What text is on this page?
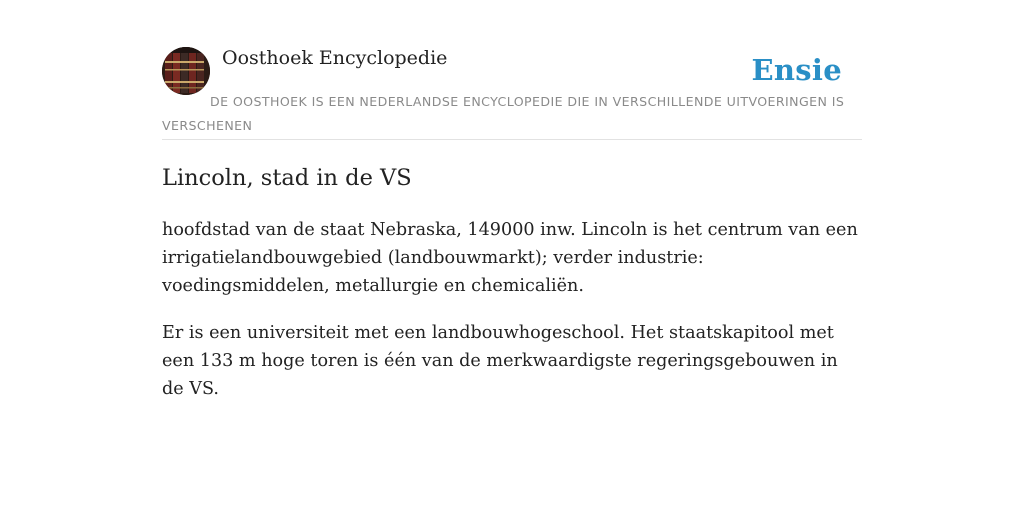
Oosthoek Encyclopedie	Ensie
DE OOSTHOEK IS EEN NEDERLANDSE ENCYCLOPEDIE DIE IN VERSCHILLENDE UITVOERINGEN IS VERSCHENEN
Lincoln, stad in de VS

hoofdstad van de staat Nebraska, 149000 inw. Lincoln is het centrum van een irrigatielandbouwgebied (landbouwmarkt); verder industrie: voedingsmiddelen, metallurgie en chemicaliën.

Er is een universiteit met een landbouwhogeschool. Het staatskapitool met een 133 m hoge toren is één van de merkwaardigste regeringsgebouwen in de VS.
